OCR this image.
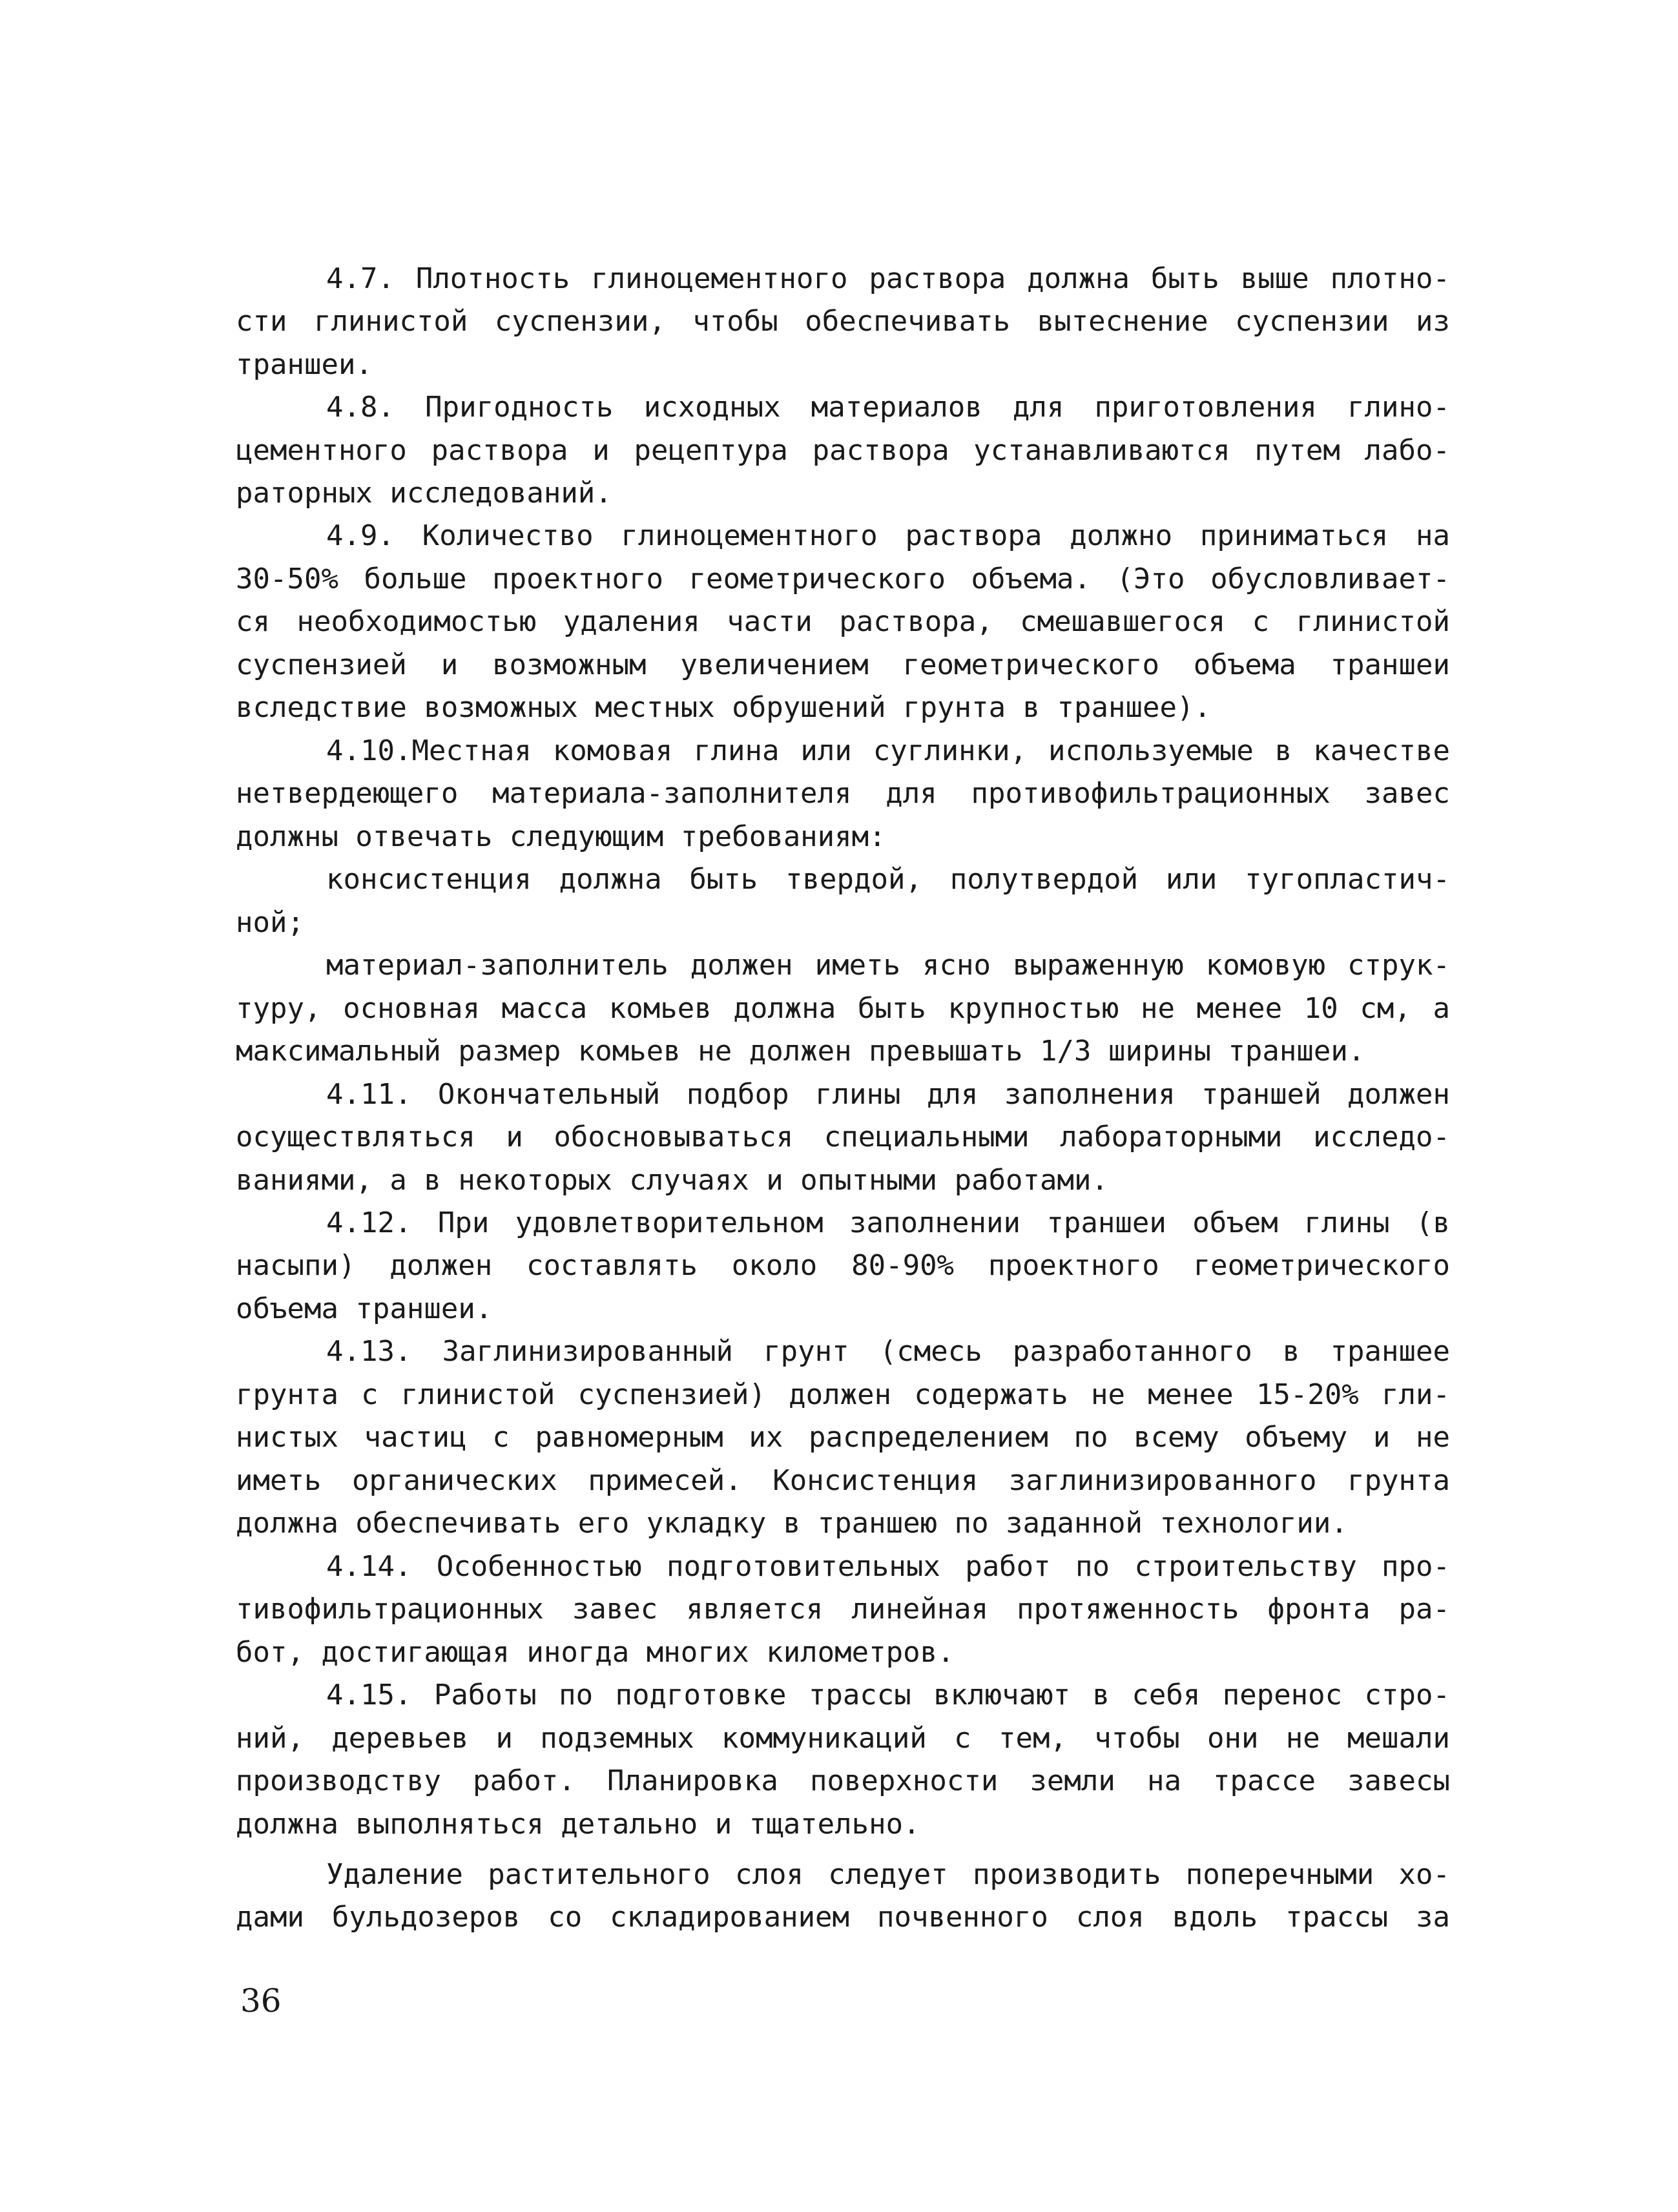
4.7. Плотность глиноцементного раствора должна быть выше плотно-
сти глинистой суспензии, чтобы обеспечивать вытеснение суспензии из
траншеи.
4.8. Пригодность исходных материалов для приготовления глино-
цементного раствора и рецептура раствора устанавливаются путем лабо-
раторных исследований.
4.9. Количество глиноцементного раствора должно приниматься на
30-50% больше проектного геометрического объема. (Это обусловливает-
ся необходимостью удаления части раствора, смешавшегося с глинистой
суспензией и возможным увеличением геометрического объема траншеи
вследствие возможных местных обрушений грунта в траншее).
4.10.Местная комовая глина или суглинки, используемые в качестве
нетвердеющего материала-заполнителя для противофильтрационных завес
должны отвечать следующим требованиям:
консистенция должна быть твердой, полутвердой или тугопластич-
ной;
материал-заполнитель должен иметь ясно выраженную комовую струк-
туру, основная масса комьев должна быть крупностью не менее 10 см, а
максимальный размер комьев не должен превышать 1/3 ширины траншеи.
4.11. Окончательный подбор глины для заполнения траншей должен
осуществляться и обосновываться специальными лабораторными исследо-
ваниями, а в некоторых случаях и опытными работами.
4.12. При удовлетворительном заполнении траншеи объем глины (в
насыпи) должен составлять около 80-90% проектного геометрического
объема траншеи.
4.13. Заглинизированный грунт (смесь разработанного в траншее
грунта с глинистой суспензией) должен содержать не менее 15-20% гли-
нистых частиц с равномерным их распределением по всему объему и не
иметь органических примесей. Консистенция заглинизированного грунта
должна обеспечивать его укладку в траншею по заданной технологии.
4.14. Особенностью подготовительных работ по строительству про-
тивофильтрационных завес является линейная протяженность фронта ра-
бот, достигающая иногда многих километров.
4.15. Работы по подготовке трассы включают в себя перенос стро-
ний, деревьев и подземных коммуникаций с тем, чтобы они не мешали
производству работ. Планировка поверхности земли на трассе завесы
должна выполняться детально и тщательно.
Удаление растительного слоя следует производить поперечными хо-
дами бульдозеров со складированием почвенного слоя вдоль трассы за
36
